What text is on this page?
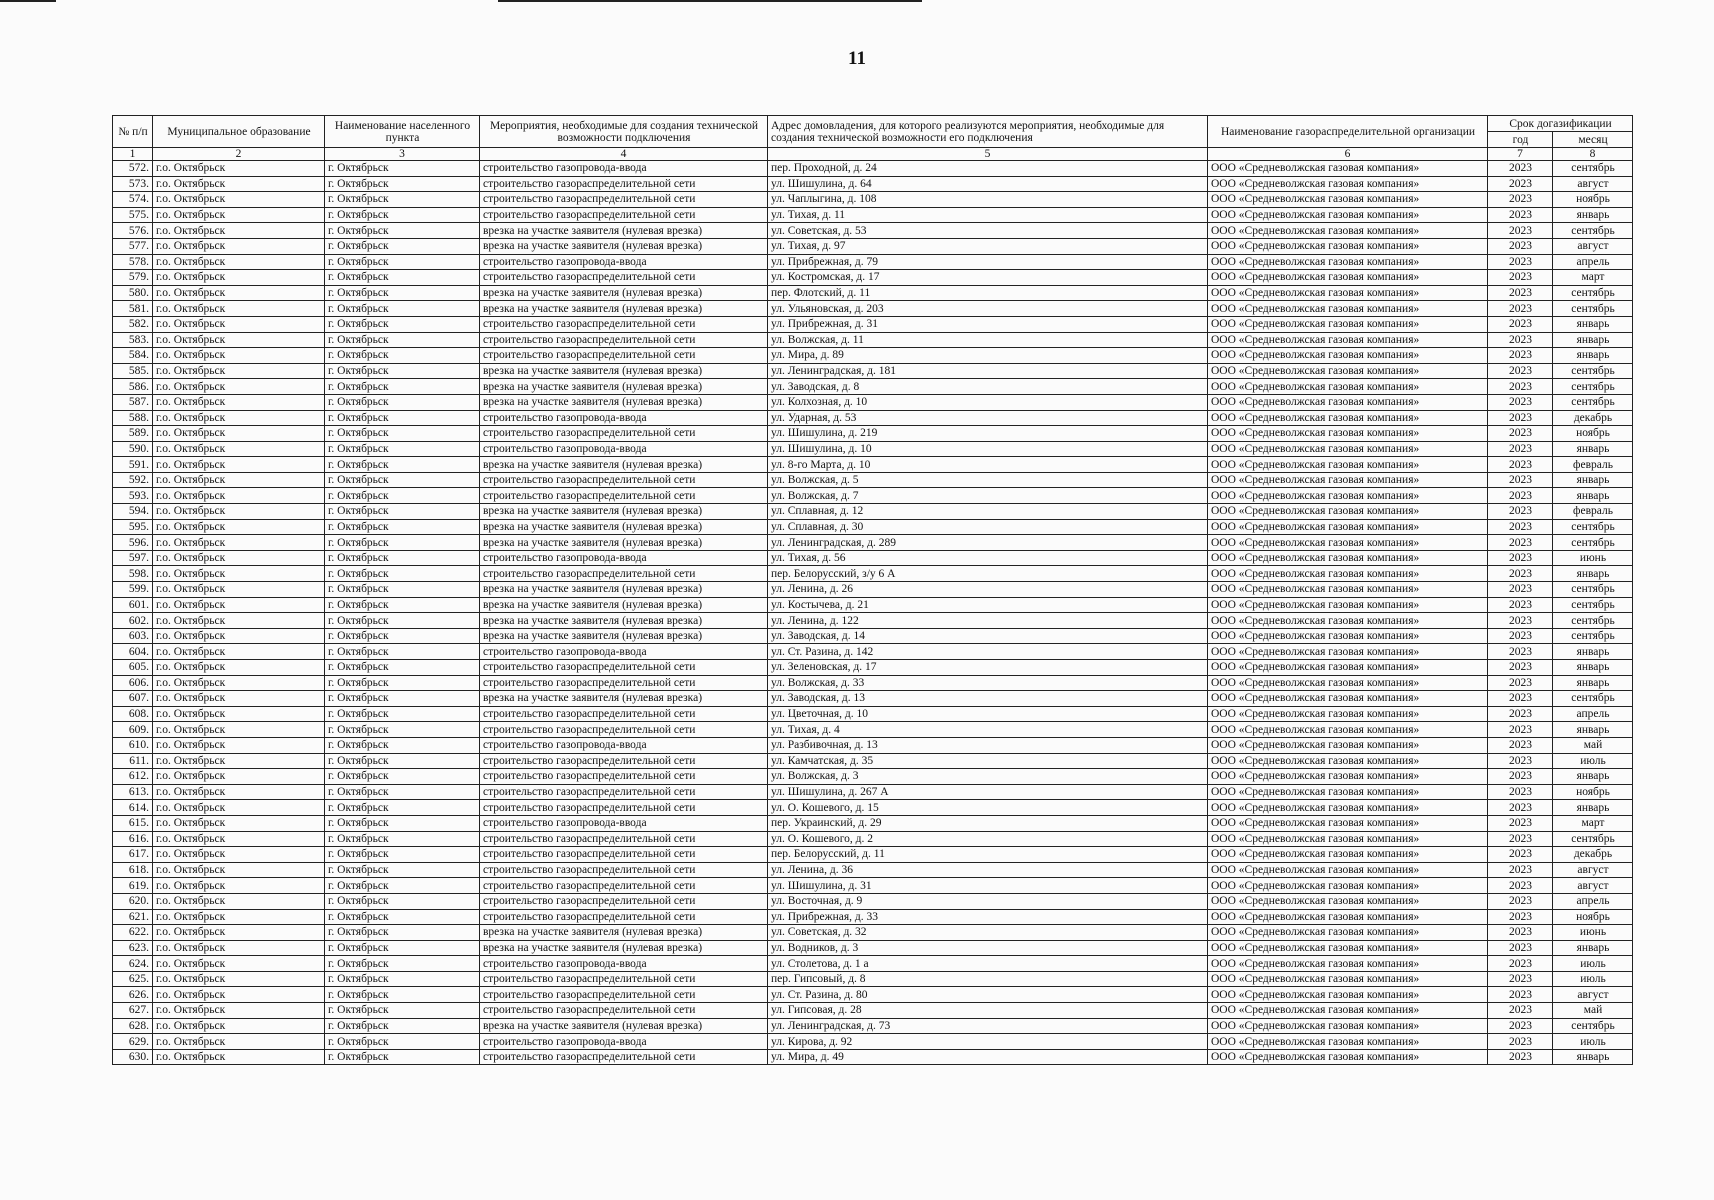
11
№ п/п	Муниципальное образование	Наименование населенного пункта	Мероприятия, необходимые для создания технической возможности подключения	Адрес домовладения, для которого реализуются мероприятия, необходимые для создания технической возможности его подключения	Наименование газораспределительной организации	Срок догазификации	
						год	месяц
1	2	3	4	5	6	7	8
572.	г.о. Октябрьск	г. Октябрьск	строительство газопровода-ввода	пер. Проходной, д. 24	ООО «Средневолжская газовая компания»	2023	сентябрь
573.	г.о. Октябрьск	г. Октябрьск	строительство газораспределительной сети	ул. Шишулина, д. 64	ООО «Средневолжская газовая компания»	2023	август
574.	г.о. Октябрьск	г. Октябрьск	строительство газораспределительной сети	ул. Чаплыгина, д. 108	ООО «Средневолжская газовая компания»	2023	ноябрь
575.	г.о. Октябрьск	г. Октябрьск	строительство газораспределительной сети	ул. Тихая, д. 11	ООО «Средневолжская газовая компания»	2023	январь
576.	г.о. Октябрьск	г. Октябрьск	врезка на участке заявителя (нулевая врезка)	ул. Советская, д. 53	ООО «Средневолжская газовая компания»	2023	сентябрь
577.	г.о. Октябрьск	г. Октябрьск	врезка на участке заявителя (нулевая врезка)	ул. Тихая, д. 97	ООО «Средневолжская газовая компания»	2023	август
578.	г.о. Октябрьск	г. Октябрьск	строительство газопровода-ввода	ул. Прибрежная, д. 79	ООО «Средневолжская газовая компания»	2023	апрель
579.	г.о. Октябрьск	г. Октябрьск	строительство газораспределительной сети	ул. Костромская, д. 17	ООО «Средневолжская газовая компания»	2023	март
580.	г.о. Октябрьск	г. Октябрьск	врезка на участке заявителя (нулевая врезка)	пер. Флотский, д. 11	ООО «Средневолжская газовая компания»	2023	сентябрь
581.	г.о. Октябрьск	г. Октябрьск	врезка на участке заявителя (нулевая врезка)	ул. Ульяновская, д. 203	ООО «Средневолжская газовая компания»	2023	сентябрь
582.	г.о. Октябрьск	г. Октябрьск	строительство газораспределительной сети	ул. Прибрежная, д. 31	ООО «Средневолжская газовая компания»	2023	январь
583.	г.о. Октябрьск	г. Октябрьск	строительство газораспределительной сети	ул. Волжская, д. 11	ООО «Средневолжская газовая компания»	2023	январь
584.	г.о. Октябрьск	г. Октябрьск	строительство газораспределительной сети	ул. Мира, д. 89	ООО «Средневолжская газовая компания»	2023	январь
585.	г.о. Октябрьск	г. Октябрьск	врезка на участке заявителя (нулевая врезка)	ул. Ленинградская, д. 181	ООО «Средневолжская газовая компания»	2023	сентябрь
586.	г.о. Октябрьск	г. Октябрьск	врезка на участке заявителя (нулевая врезка)	ул. Заводская, д. 8	ООО «Средневолжская газовая компания»	2023	сентябрь
587.	г.о. Октябрьск	г. Октябрьск	врезка на участке заявителя (нулевая врезка)	ул. Колхозная, д. 10	ООО «Средневолжская газовая компания»	2023	сентябрь
588.	г.о. Октябрьск	г. Октябрьск	строительство газопровода-ввода	ул. Ударная, д. 53	ООО «Средневолжская газовая компания»	2023	декабрь
589.	г.о. Октябрьск	г. Октябрьск	строительство газораспределительной сети	ул. Шишулина, д. 219	ООО «Средневолжская газовая компания»	2023	ноябрь
590.	г.о. Октябрьск	г. Октябрьск	строительство газопровода-ввода	ул. Шишулина, д. 10	ООО «Средневолжская газовая компания»	2023	январь
591.	г.о. Октябрьск	г. Октябрьск	врезка на участке заявителя (нулевая врезка)	ул. 8-го Марта, д. 10	ООО «Средневолжская газовая компания»	2023	февраль
592.	г.о. Октябрьск	г. Октябрьск	строительство газораспределительной сети	ул. Волжская, д. 5	ООО «Средневолжская газовая компания»	2023	январь
593.	г.о. Октябрьск	г. Октябрьск	строительство газораспределительной сети	ул. Волжская, д. 7	ООО «Средневолжская газовая компания»	2023	январь
594.	г.о. Октябрьск	г. Октябрьск	врезка на участке заявителя (нулевая врезка)	ул. Сплавная, д. 12	ООО «Средневолжская газовая компания»	2023	февраль
595.	г.о. Октябрьск	г. Октябрьск	врезка на участке заявителя (нулевая врезка)	ул. Сплавная, д. 30	ООО «Средневолжская газовая компания»	2023	сентябрь
596.	г.о. Октябрьск	г. Октябрьск	врезка на участке заявителя (нулевая врезка)	ул. Ленинградская, д. 289	ООО «Средневолжская газовая компания»	2023	сентябрь
597.	г.о. Октябрьск	г. Октябрьск	строительство газопровода-ввода	ул. Тихая, д. 56	ООО «Средневолжская газовая компания»	2023	июнь
598.	г.о. Октябрьск	г. Октябрьск	строительство газораспределительной сети	пер. Белорусский, з/у 6 А	ООО «Средневолжская газовая компания»	2023	январь
599.	г.о. Октябрьск	г. Октябрьск	врезка на участке заявителя (нулевая врезка)	ул. Ленина, д. 26	ООО «Средневолжская газовая компания»	2023	сентябрь
601.	г.о. Октябрьск	г. Октябрьск	врезка на участке заявителя (нулевая врезка)	ул. Костычева, д. 21	ООО «Средневолжская газовая компания»	2023	сентябрь
602.	г.о. Октябрьск	г. Октябрьск	врезка на участке заявителя (нулевая врезка)	ул. Ленина, д. 122	ООО «Средневолжская газовая компания»	2023	сентябрь
603.	г.о. Октябрьск	г. Октябрьск	врезка на участке заявителя (нулевая врезка)	ул. Заводская, д. 14	ООО «Средневолжская газовая компания»	2023	сентябрь
604.	г.о. Октябрьск	г. Октябрьск	строительство газопровода-ввода	ул. Ст. Разина, д. 142	ООО «Средневолжская газовая компания»	2023	январь
605.	г.о. Октябрьск	г. Октябрьск	строительство газораспределительной сети	ул. Зеленовская, д. 17	ООО «Средневолжская газовая компания»	2023	январь
606.	г.о. Октябрьск	г. Октябрьск	строительство газораспределительной сети	ул. Волжская, д. 33	ООО «Средневолжская газовая компания»	2023	январь
607.	г.о. Октябрьск	г. Октябрьск	врезка на участке заявителя (нулевая врезка)	ул. Заводская, д. 13	ООО «Средневолжская газовая компания»	2023	сентябрь
608.	г.о. Октябрьск	г. Октябрьск	строительство газораспределительной сети	ул. Цветочная, д. 10	ООО «Средневолжская газовая компания»	2023	апрель
609.	г.о. Октябрьск	г. Октябрьск	строительство газораспределительной сети	ул. Тихая, д. 4	ООО «Средневолжская газовая компания»	2023	январь
610.	г.о. Октябрьск	г. Октябрьск	строительство газопровода-ввода	ул. Разбивочная, д. 13	ООО «Средневолжская газовая компания»	2023	май
611.	г.о. Октябрьск	г. Октябрьск	строительство газораспределительной сети	ул. Камчатская, д. 35	ООО «Средневолжская газовая компания»	2023	июль
612.	г.о. Октябрьск	г. Октябрьск	строительство газораспределительной сети	ул. Волжская, д. 3	ООО «Средневолжская газовая компания»	2023	январь
613.	г.о. Октябрьск	г. Октябрьск	строительство газораспределительной сети	ул. Шишулина, д. 267 А	ООО «Средневолжская газовая компания»	2023	ноябрь
614.	г.о. Октябрьск	г. Октябрьск	строительство газораспределительной сети	ул. О. Кошевого, д. 15	ООО «Средневолжская газовая компания»	2023	январь
615.	г.о. Октябрьск	г. Октябрьск	строительство газопровода-ввода	пер. Украинский, д. 29	ООО «Средневолжская газовая компания»	2023	март
616.	г.о. Октябрьск	г. Октябрьск	строительство газораспределительной сети	ул. О. Кошевого, д. 2	ООО «Средневолжская газовая компания»	2023	сентябрь
617.	г.о. Октябрьск	г. Октябрьск	строительство газораспределительной сети	пер. Белорусский, д. 11	ООО «Средневолжская газовая компания»	2023	декабрь
618.	г.о. Октябрьск	г. Октябрьск	строительство газораспределительной сети	ул. Ленина, д. 36	ООО «Средневолжская газовая компания»	2023	август
619.	г.о. Октябрьск	г. Октябрьск	строительство газораспределительной сети	ул. Шишулина, д. 31	ООО «Средневолжская газовая компания»	2023	август
620.	г.о. Октябрьск	г. Октябрьск	строительство газораспределительной сети	ул. Восточная, д. 9	ООО «Средневолжская газовая компания»	2023	апрель
621.	г.о. Октябрьск	г. Октябрьск	строительство газораспределительной сети	ул. Прибрежная, д. 33	ООО «Средневолжская газовая компания»	2023	ноябрь
622.	г.о. Октябрьск	г. Октябрьск	врезка на участке заявителя (нулевая врезка)	ул. Советская, д. 32	ООО «Средневолжская газовая компания»	2023	июнь
623.	г.о. Октябрьск	г. Октябрьск	врезка на участке заявителя (нулевая врезка)	ул. Водников, д. 3	ООО «Средневолжская газовая компания»	2023	январь
624.	г.о. Октябрьск	г. Октябрьск	строительство газопровода-ввода	ул. Столетова, д. 1 а	ООО «Средневолжская газовая компания»	2023	июль
625.	г.о. Октябрьск	г. Октябрьск	строительство газораспределительной сети	пер. Гипсовый, д. 8	ООО «Средневолжская газовая компания»	2023	июль
626.	г.о. Октябрьск	г. Октябрьск	строительство газораспределительной сети	ул. Ст. Разина, д. 80	ООО «Средневолжская газовая компания»	2023	август
627.	г.о. Октябрьск	г. Октябрьск	строительство газораспределительной сети	ул. Гипсовая, д. 28	ООО «Средневолжская газовая компания»	2023	май
628.	г.о. Октябрьск	г. Октябрьск	врезка на участке заявителя (нулевая врезка)	ул. Ленинградская, д. 73	ООО «Средневолжская газовая компания»	2023	сентябрь
629.	г.о. Октябрьск	г. Октябрьск	строительство газопровода-ввода	ул. Кирова, д. 92	ООО «Средневолжская газовая компания»	2023	июль
630.	г.о. Октябрьск	г. Октябрьск	строительство газораспределительной сети	ул. Мира, д. 49	ООО «Средневолжская газовая компания»	2023	январь
